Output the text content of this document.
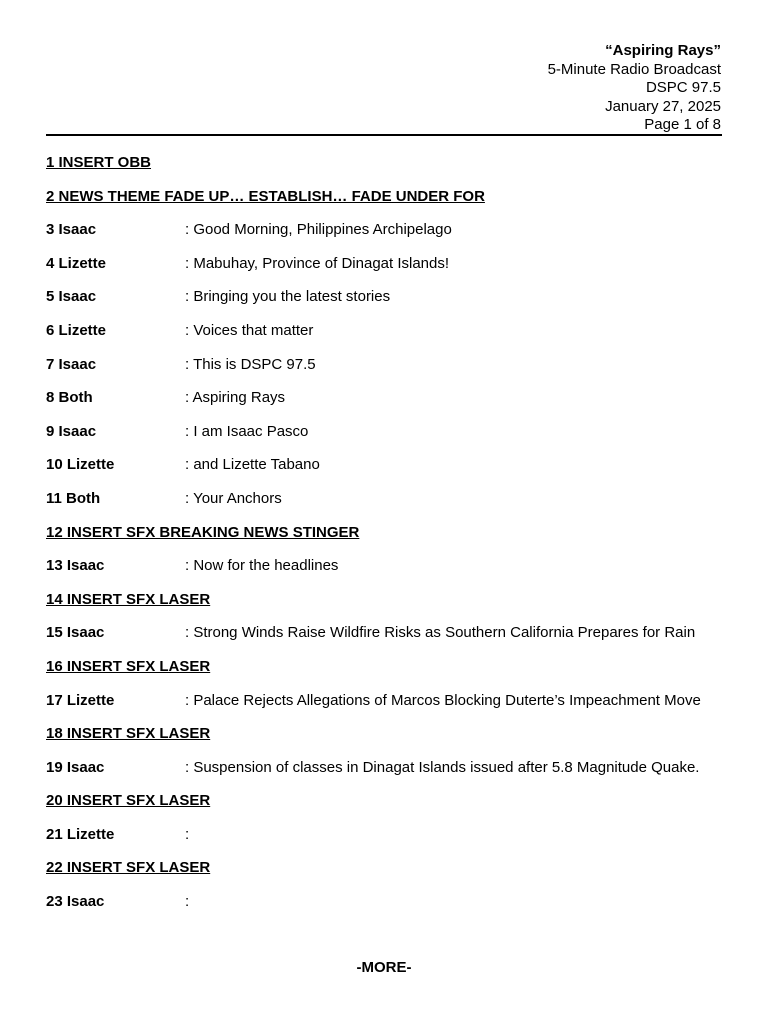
“Aspiring Rays”
5-Minute Radio Broadcast
DSPC 97.5
January 27, 2025
Page 1 of 8
1 INSERT OBB
2 NEWS THEME FADE UP… ESTABLISH… FADE UNDER FOR
3 Isaac	: Good Morning, Philippines Archipelago
4 Lizette	: Mabuhay, Province of Dinagat Islands!
5 Isaac	: Bringing you the latest stories
6 Lizette	: Voices that matter
7 Isaac	: This is DSPC 97.5
8 Both	: Aspiring Rays
9 Isaac	: I am Isaac Pasco
10 Lizette	: and Lizette Tabano
11 Both	: Your Anchors
12 INSERT SFX BREAKING NEWS STINGER
13 Isaac	: Now for the headlines
14 INSERT SFX LASER
15 Isaac	: Strong Winds Raise Wildfire Risks as Southern California Prepares for Rain
16 INSERT SFX LASER
17 Lizette	: Palace Rejects Allegations of Marcos Blocking Duterte’s Impeachment Move
18 INSERT SFX LASER
19 Isaac	: Suspension of classes in Dinagat Islands issued after 5.8 Magnitude Quake.
20 INSERT SFX LASER
21 Lizette	:
22 INSERT SFX LASER
23 Isaac	:
-MORE-
